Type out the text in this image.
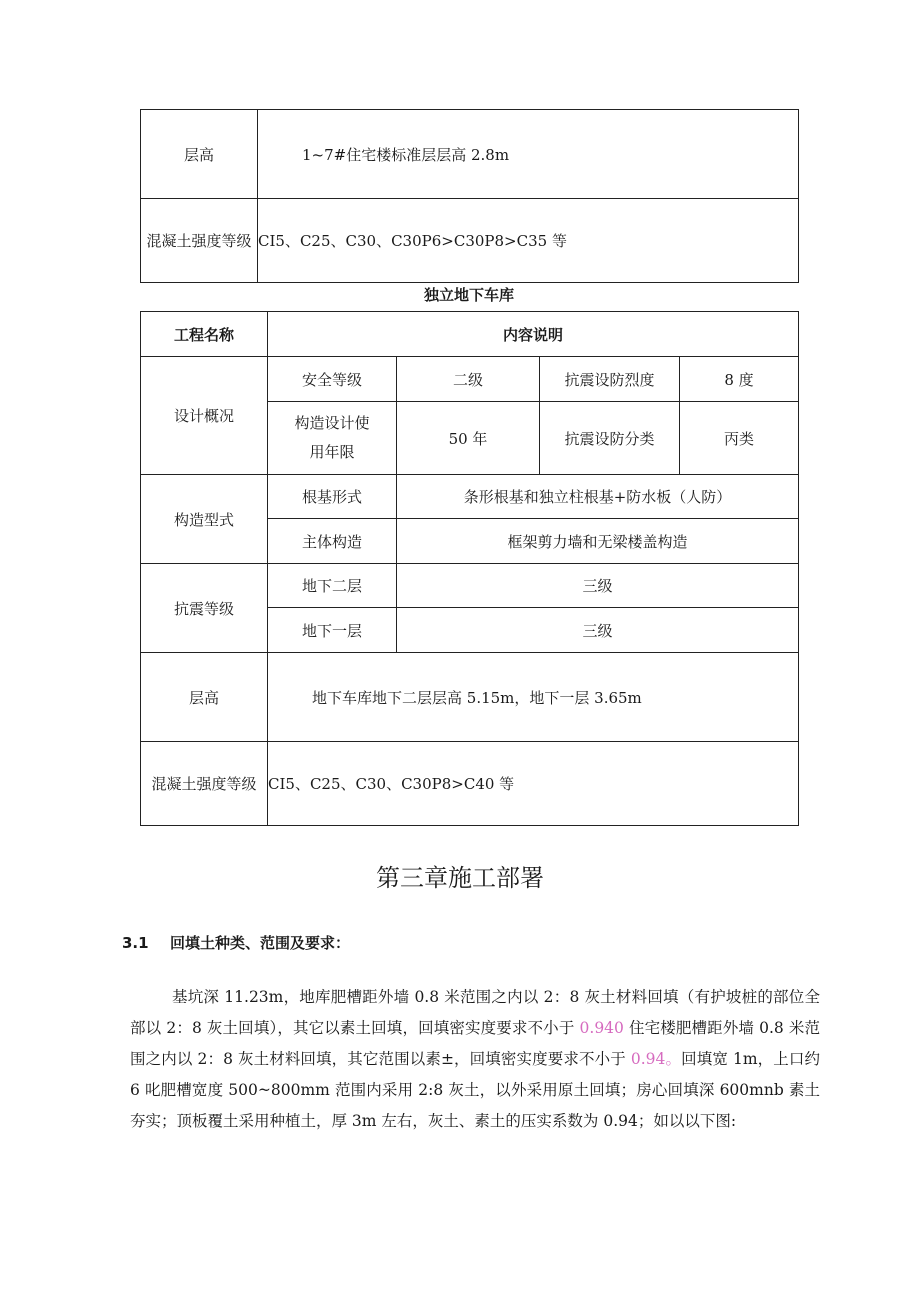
层高	1~7#住宅楼标准层层高 2.8m
混凝土强度等级	CI5、C25、C30、C30P6>C30P8>C35 等
独立地下车库
工程名称	内容说明			
设计概况	安全等级	二级	抗震设防烈度	8 度
	构造设计使用年限	50 年	抗震设防分类	丙类
构造型式	根基形式	条形根基和独立柱根基+防水板（人防）		
	主体构造	框架剪力墙和无梁楼盖构造		
抗震等级	地下二层	三级		
	地下一层	三级		
层高	地下车库地下二层层高 5.15m，地下一层 3.65m			
混凝土强度等级	CI5、C25、C30、C30P8>C40 等			
第三章施工部署
3.1 回填土种类、范围及要求：

基坑深 11.23m，地库肥槽距外墙 0.8 米范围之内以 2：8 灰土材料回填（有护坡桩的部位全部以 2：8 灰土回填），其它以素土回填，回填密实度要求不小于 0.940 住宅楼肥槽距外墙 0.8 米范围之内以 2：8 灰土材料回填，其它范围以素±，回填密实度要求不小于 0.94。回填宽 1m，上口约 6 叱肥槽宽度 500~800mm 范围内采用 2:8 灰土，以外采用原土回填；房心回填深 600mnb 素土夯实；顶板覆土采用种植土，厚 3m 左右，灰土、素土的压实系数为 0.94；如以以下图:
